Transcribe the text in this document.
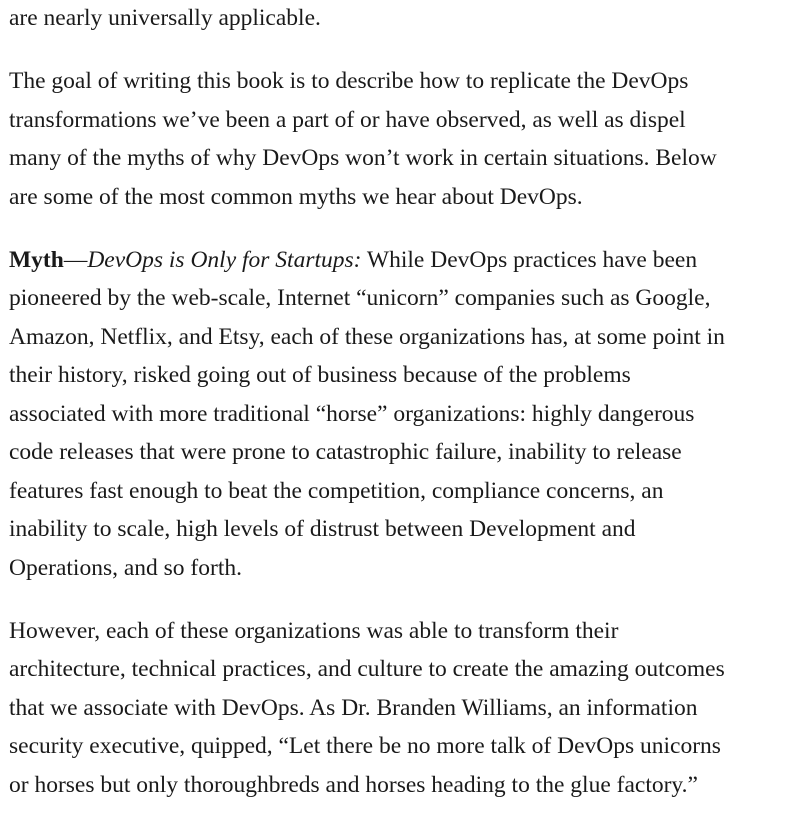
are nearly universally applicable.

The goal of writing this book is to describe how to replicate the DevOps
transformations we’ve been a part of or have observed, as well as dispel
many of the myths of why DevOps won’t work in certain situations. Below
are some of the most common myths we hear about DevOps.

Myth—DevOps is Only for Startups: While DevOps practices have been
pioneered by the web-scale, Internet “unicorn” companies such as Google,
Amazon, Netflix, and Etsy, each of these organizations has, at some point in
their history, risked going out of business because of the problems
associated with more traditional “horse” organizations: highly dangerous
code releases that were prone to catastrophic failure, inability to release
features fast enough to beat the competition, compliance concerns, an
inability to scale, high levels of distrust between Development and
Operations, and so forth.

However, each of these organizations was able to transform their
architecture, technical practices, and culture to create the amazing outcomes
that we associate with DevOps. As Dr. Branden Williams, an information
security executive, quipped, “Let there be no more talk of DevOps unicorns
or horses but only thoroughbreds and horses heading to the glue factory.”
